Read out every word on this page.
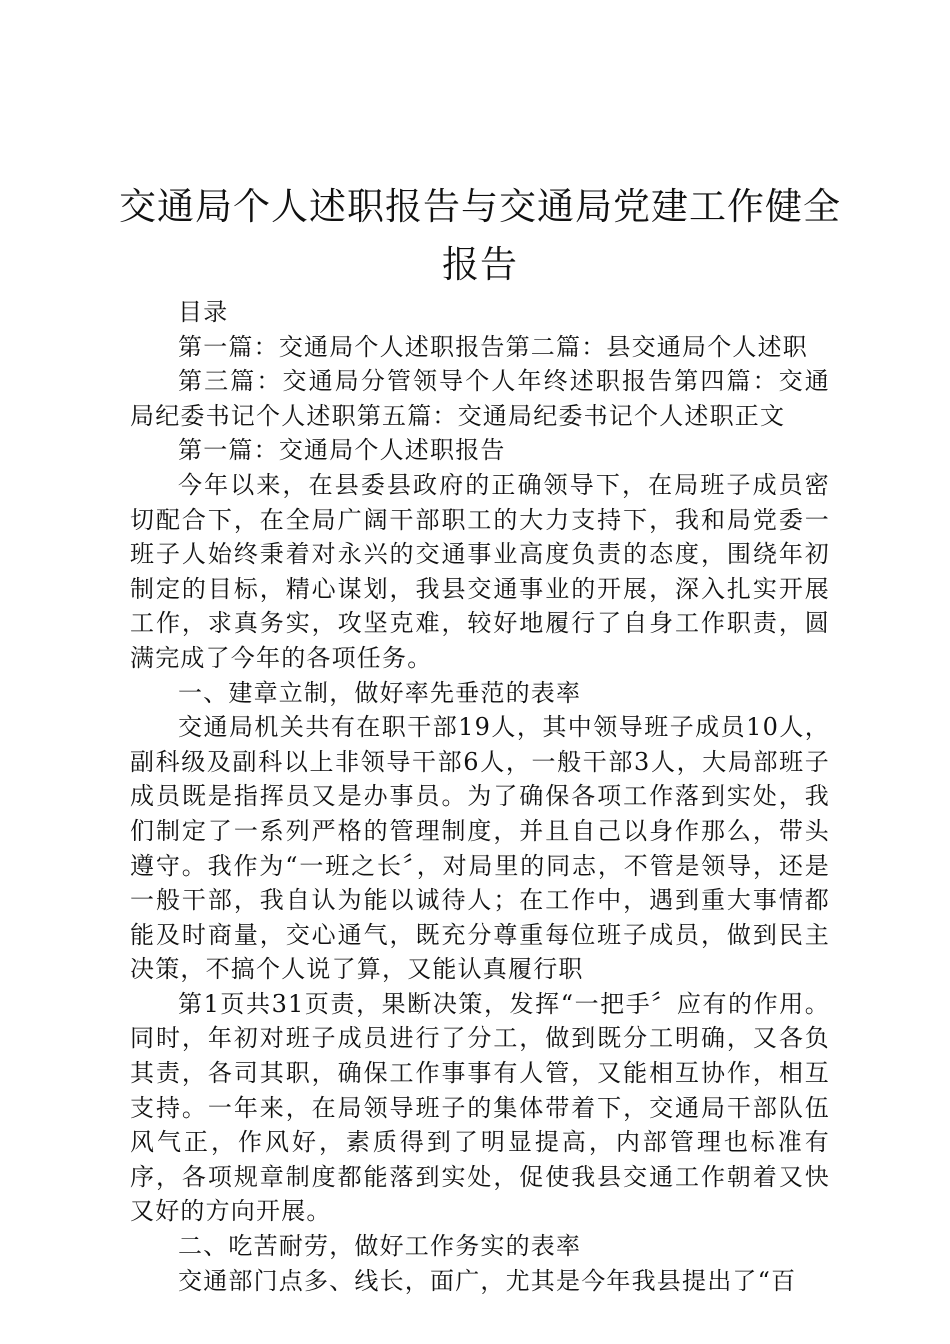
交通局个人述职报告与交通局党建工作健全报告

目录

第一篇：交通局个人述职报告第二篇：县交通局个人述职

第三篇：交通局分管领导个人年终述职报告第四篇：交通局纪委书记个人述职第五篇：交通局纪委书记个人述职正文

第一篇：交通局个人述职报告

今年以来，在县委县政府的正确领导下，在局班子成员密切配合下，在全局广阔干部职工的大力支持下，我和局党委一班子人始终秉着对永兴的交通事业高度负责的态度，围绕年初制定的目标，精心谋划，我县交通事业的开展，深入扎实开展工作，求真务实，攻坚克难，较好地履行了自身工作职责，圆满完成了今年的各项任务。

一、建章立制，做好率先垂范的表率

交通局机关共有在职干部19人，其中领导班子成员10人，副科级及副科以上非领导干部6人，一般干部3人，大局部班子成员既是指挥员又是办事员。为了确保各项工作落到实处，我们制定了一系列严格的管理制度，并且自己以身作那么，带头遵守。我作为“一班之长〞，对局里的同志，不管是领导，还是一般干部，我自认为能以诚待人；在工作中，遇到重大事情都能及时商量，交心通气，既充分尊重每位班子成员，做到民主决策，不搞个人说了算，又能认真履行职

第1页共31页责，果断决策，发挥“一把手〞应有的作用。同时，年初对班子成员进行了分工，做到既分工明确，又各负其责，各司其职，确保工作事事有人管，又能相互协作，相互支持。一年来，在局领导班子的集体带着下，交通局干部队伍风气正，作风好，素质得到了明显提高，内部管理也标准有序，各项规章制度都能落到实处，促使我县交通工作朝着又快又好的方向开展。

二、吃苦耐劳，做好工作务实的表率

交通部门点多、线长，面广，尤其是今年我县提出了“百
